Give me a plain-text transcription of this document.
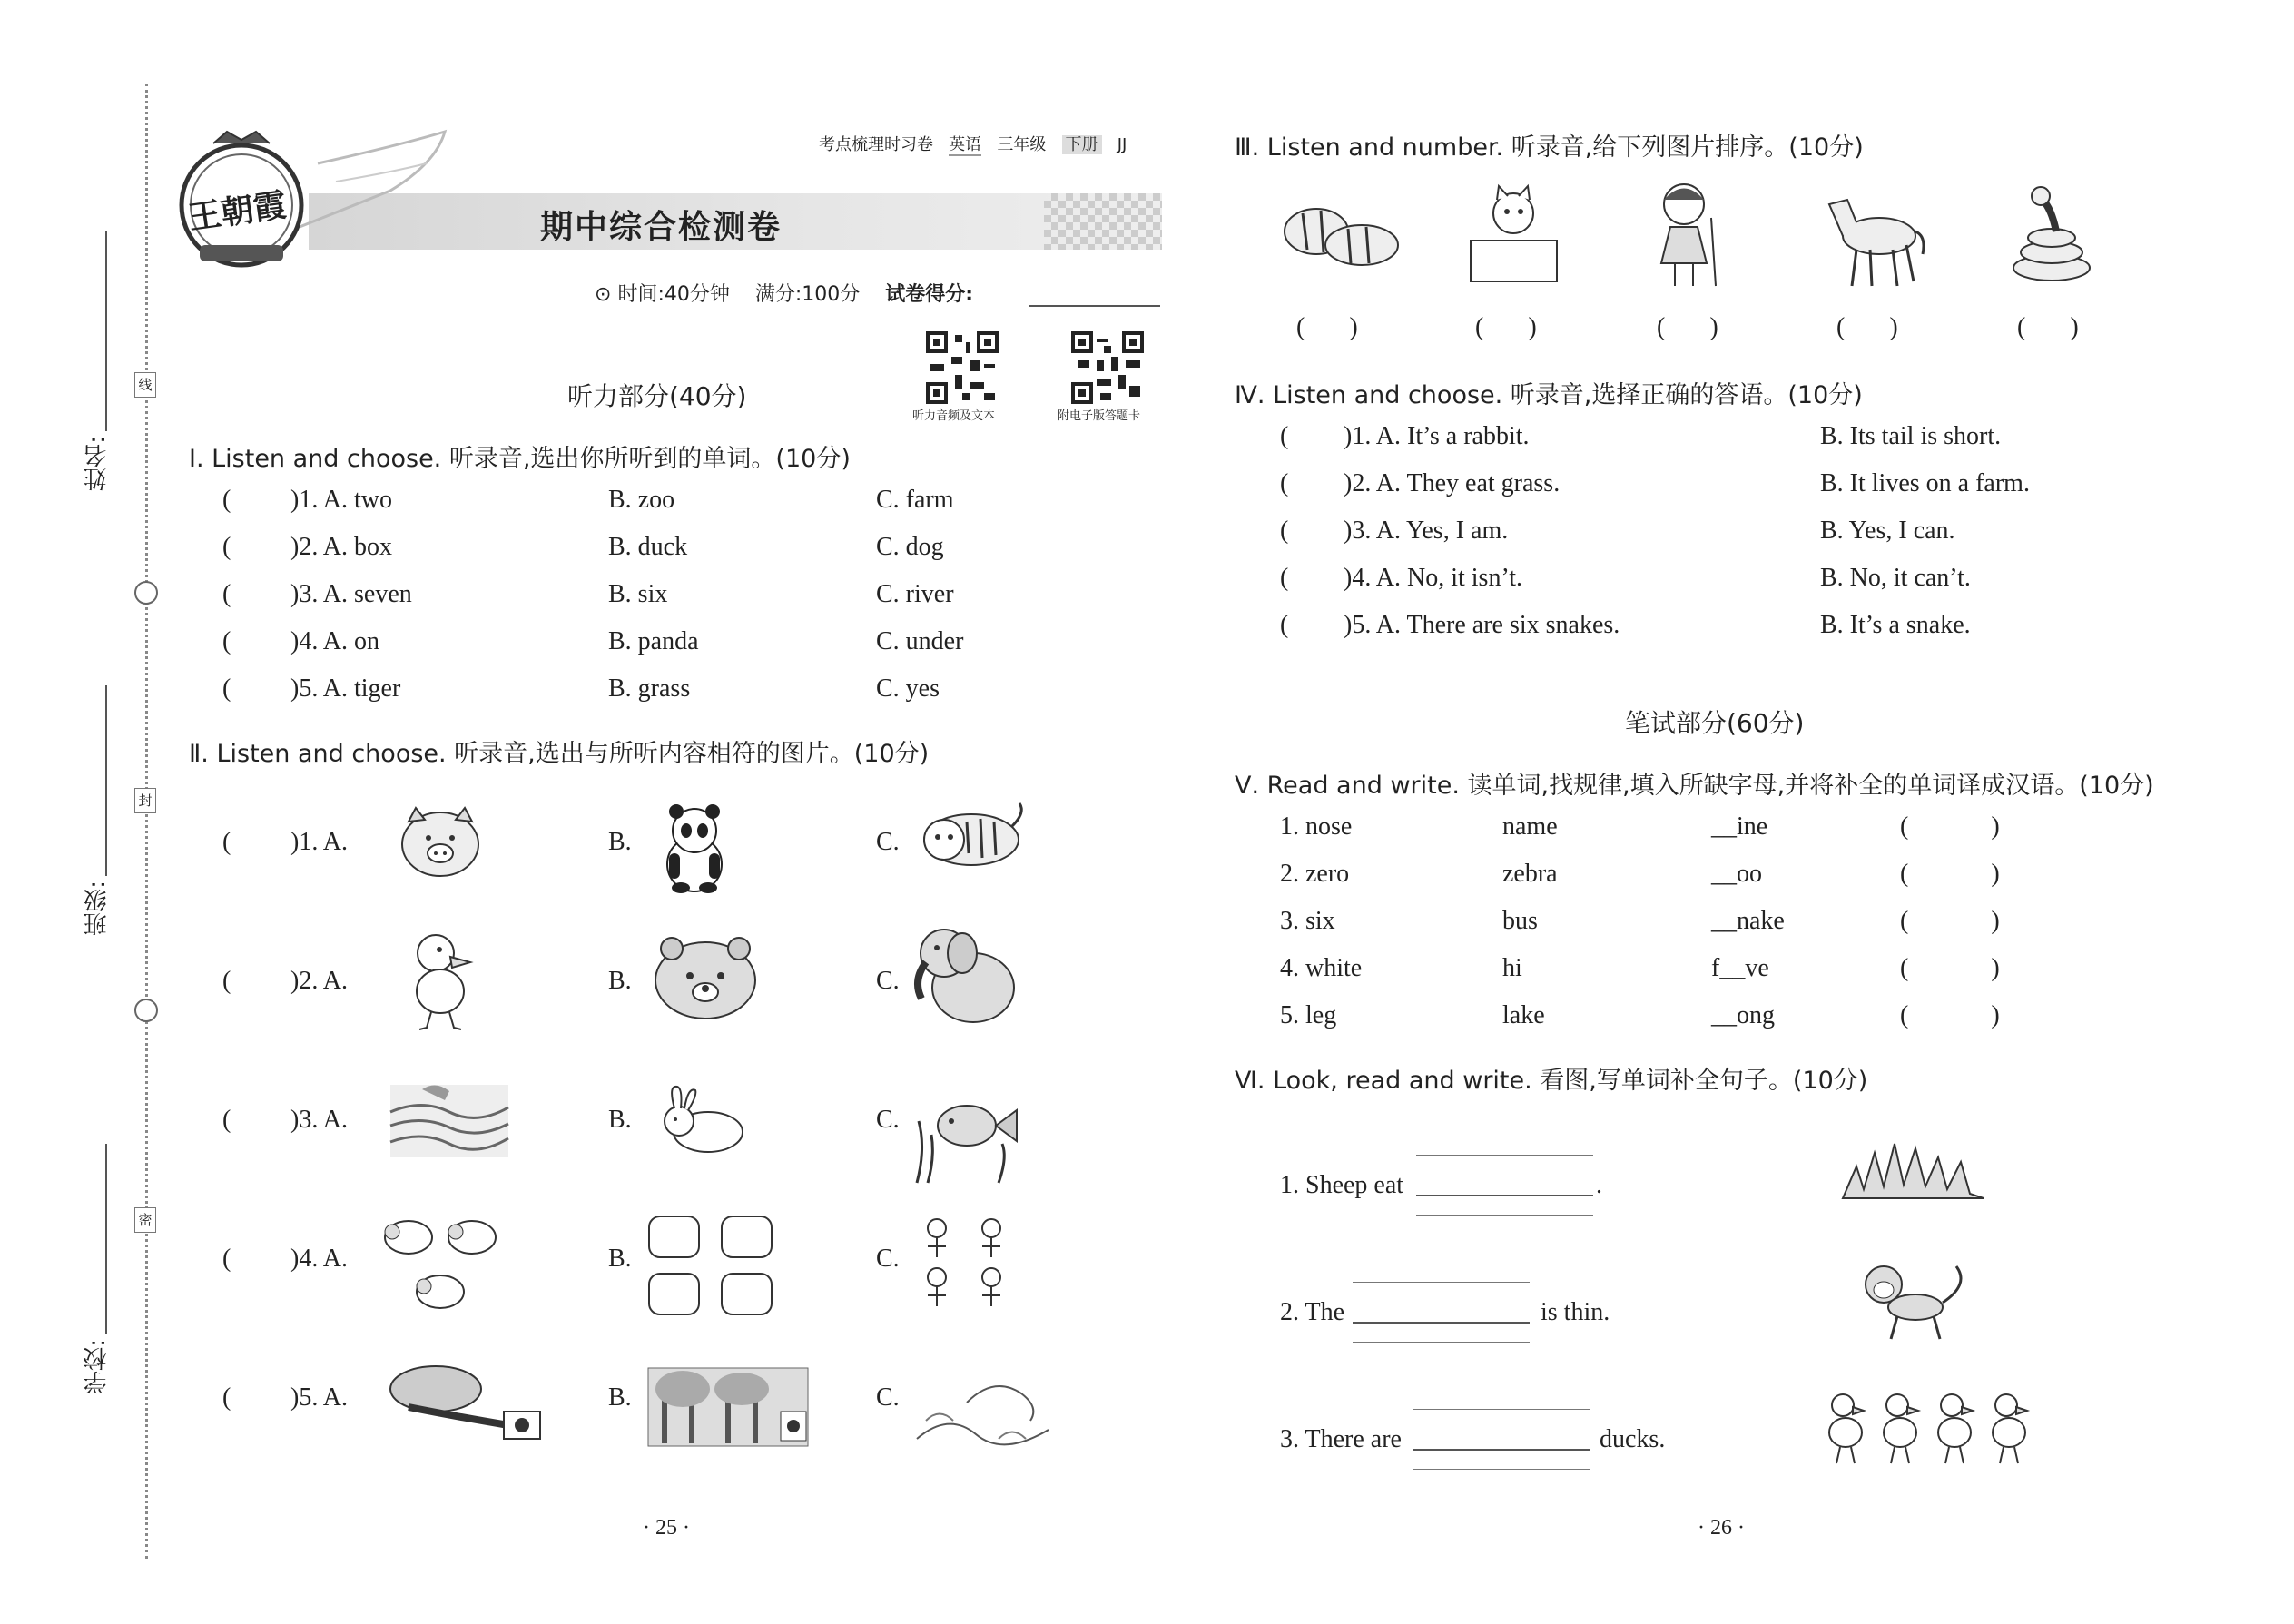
姓名:
班级:
学校:
线
封
密
王朝霞
考点梳理时习卷 英语 三年级 下册 JJ
期中综合检测卷
⊙ 时间:40分钟 满分:100分 试卷得分:
听力音频及文本	附电子版答题卡
听力部分(40分)
Ⅰ. Listen and choose. 听录音,选出你所听到的单词。(10分)
( )1. A. two	B. zoo	C. farm
( )2. A. box	B. duck	C. dog
( )3. A. seven	B. six	C. river
( )4. A. on	B. panda	C. under
( )5. A. tiger	B. grass	C. yes
Ⅱ. Listen and choose. 听录音,选出与所听内容相符的图片。(10分)
( )1. A.	B.	C.
( )2. A.	B.	C.
( )3. A.	B.	C.
( )4. A.	B.	C.
( )5. A.	B.	C.
· 25 ·
Ⅲ. Listen and number. 听录音,给下列图片排序。(10分)
(       )	(       )	(       )	(       )	(       )
Ⅳ. Listen and choose. 听录音,选择正确的答语。(10分)
( )1. A. It’s a rabbit.	B. Its tail is short.
( )2. A. They eat grass.	B. It lives on a farm.
( )3. A. Yes, I am.	B. Yes, I can.
( )4. A. No, it isn’t.	B. No, it can’t.
( )5. A. There are six snakes.	B. It’s a snake.
笔试部分(60分)
Ⅴ. Read and write. 读单词,找规律,填入所缺字母,并将补全的单词译成汉语。(10分)
1. nose	name	__ine	(             )
2. zero	zebra	__oo	(             )
3. six	bus	__nake	(             )
4. white	hi	f__ve	(             )
5. leg	lake	__ong	(             )
Ⅵ. Look, read and write. 看图,写单词补全句子。(10分)
1. Sheep eat	.
2. The	is thin.
3. There are	ducks.
· 26 ·
